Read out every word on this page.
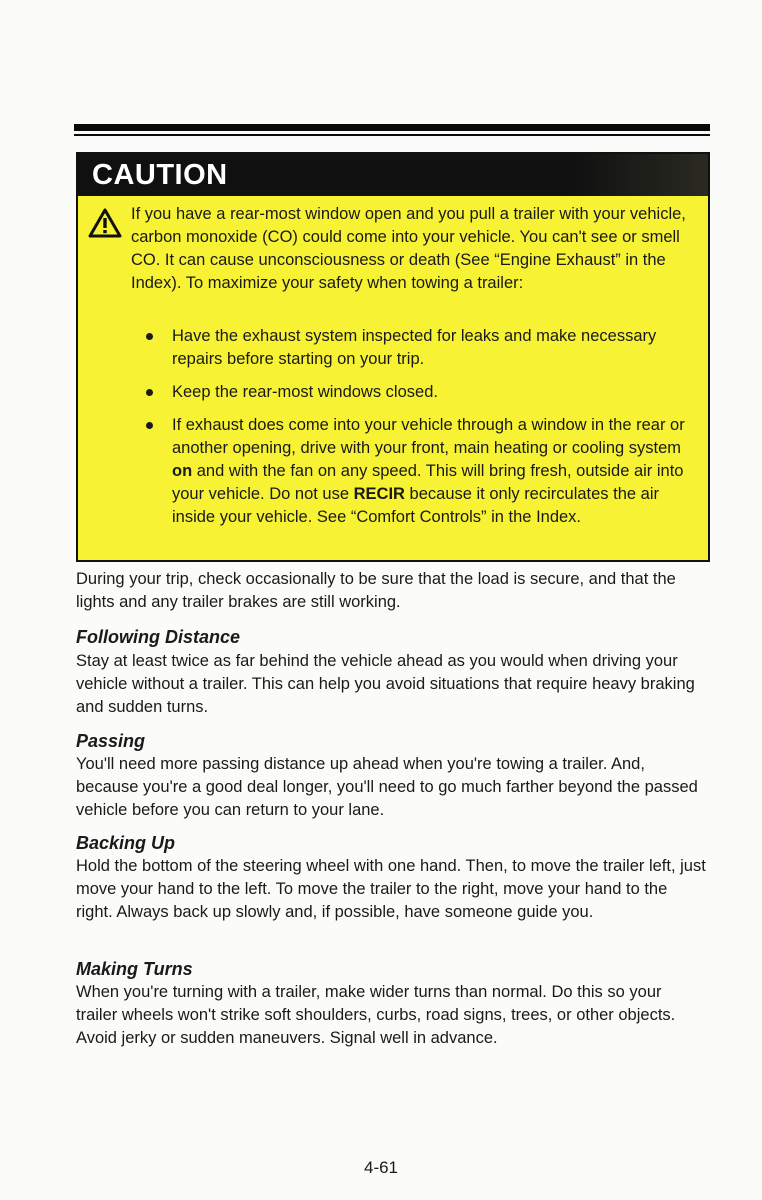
CAUTION

If you have a rear-most window open and you pull a trailer with your vehicle, carbon monoxide (CO) could come into your vehicle. You can't see or smell CO. It can cause unconsciousness or death (See “Engine Exhaust” in the Index). To maximize your safety when towing a trailer:

Have the exhaust system inspected for leaks and make necessary repairs before starting on your trip.
Keep the rear-most windows closed.
If exhaust does come into your vehicle through a window in the rear or another opening, drive with your front, main heating or cooling system on and with the fan on any speed. This will bring fresh, outside air into your vehicle. Do not use RECIR because it only recirculates the air inside your vehicle. See “Comfort Controls” in the Index.

During your trip, check occasionally to be sure that the load is secure, and that the lights and any trailer brakes are still working.

Following Distance

Stay at least twice as far behind the vehicle ahead as you would when driving your vehicle without a trailer. This can help you avoid situations that require heavy braking and sudden turns.

Passing

You'll need more passing distance up ahead when you're towing a trailer. And, because you're a good deal longer, you'll need to go much farther beyond the passed vehicle before you can return to your lane.

Backing Up

Hold the bottom of the steering wheel with one hand. Then, to move the trailer left, just move your hand to the left. To move the trailer to the right, move your hand to the right. Always back up slowly and, if possible, have someone guide you.

Making Turns

When you're turning with a trailer, make wider turns than normal. Do this so your trailer wheels won't strike soft shoulders, curbs, road signs, trees, or other objects. Avoid jerky or sudden maneuvers. Signal well in advance.

4-61
